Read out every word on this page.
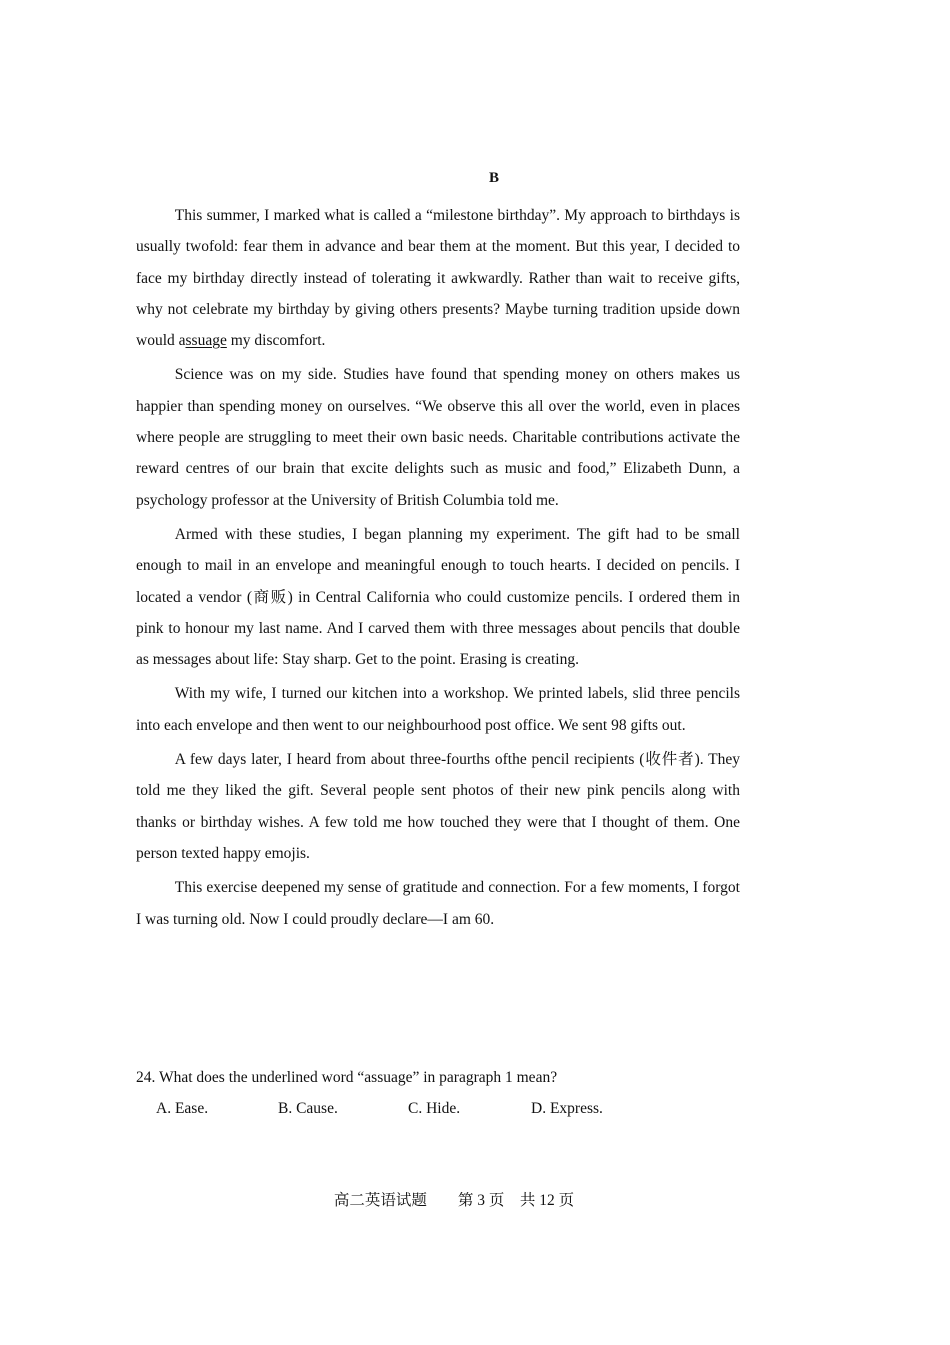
B

This summer, I marked what is called a “milestone birthday”. My approach to birthdays is usually twofold: fear them in advance and bear them at the moment. But this year, I decided to face my birthday directly instead of tolerating it awkwardly. Rather than wait to receive gifts, why not celebrate my birthday by giving others presents? Maybe turning tradition upside down would assuage my discomfort.

Science was on my side. Studies have found that spending money on others makes us happier than spending money on ourselves. “We observe this all over the world, even in places where people are struggling to meet their own basic needs. Charitable contributions activate the reward centres of our brain that excite delights such as music and food,” Elizabeth Dunn, a psychology professor at the University of British Columbia told me.

Armed with these studies, I began planning my experiment. The gift had to be small enough to mail in an envelope and meaningful enough to touch hearts. I decided on pencils. I located a vendor (商贩) in Central California who could customize pencils. I ordered them in pink to honour my last name. And I carved them with three messages about pencils that double as messages about life: Stay sharp. Get to the point. Erasing is creating.

With my wife, I turned our kitchen into a workshop. We printed labels, slid three pencils into each envelope and then went to our neighbourhood post office. We sent 98 gifts out.

A few days later, I heard from about three-fourths ofthe pencil recipients (收件者). They told me they liked the gift. Several people sent photos of their new pink pencils along with thanks or birthday wishes. A few told me how touched they were that I thought of them. One person texted happy emojis.

This exercise deepened my sense of gratitude and connection. For a few moments, I forgot I was turning old. Now I could proudly declare—I am 60.

24. What does the underlined word “assuage” in paragraph 1 mean?

A. Ease.	B. Cause.	C. Hide.	D. Express.
高二英语试题        第 3 页    共 12 页
